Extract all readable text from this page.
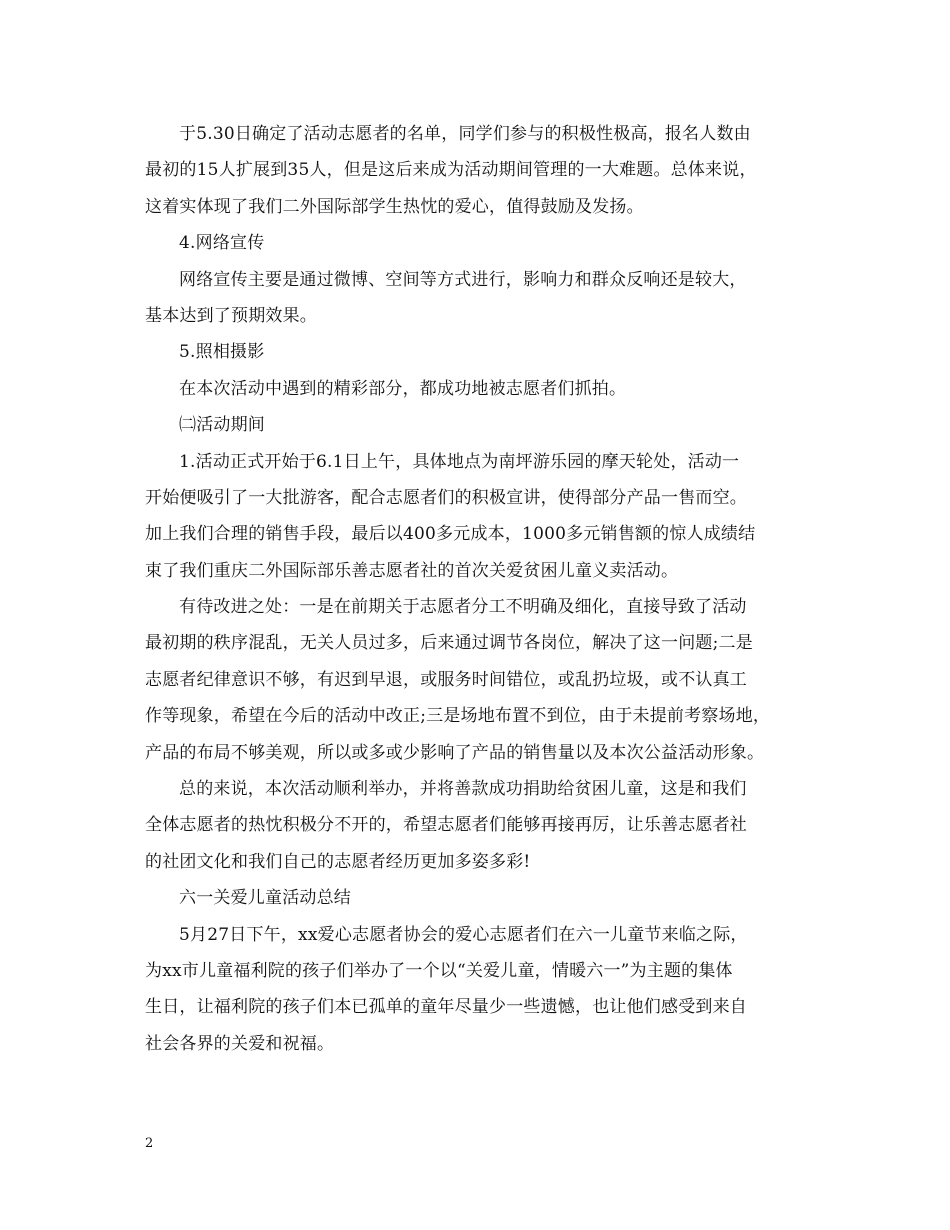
于5.30日确定了活动志愿者的名单，同学们参与的积极性极高，报名人数由
最初的15人扩展到35人，但是这后来成为活动期间管理的一大难题。总体来说，
这着实体现了我们二外国际部学生热忱的爱心，值得鼓励及发扬。
4.网络宣传
网络宣传主要是通过微博、空间等方式进行，影响力和群众反响还是较大，
基本达到了预期效果。
5.照相摄影
在本次活动中遇到的精彩部分，都成功地被志愿者们抓拍。
㈡活动期间
1.活动正式开始于6.1日上午，具体地点为南坪游乐园的摩天轮处，活动一
开始便吸引了一大批游客，配合志愿者们的积极宣讲，使得部分产品一售而空。
加上我们合理的销售手段，最后以400多元成本，1000多元销售额的惊人成绩结
束了我们重庆二外国际部乐善志愿者社的首次关爱贫困儿童义卖活动。
有待改进之处：一是在前期关于志愿者分工不明确及细化，直接导致了活动
最初期的秩序混乱，无关人员过多，后来通过调节各岗位，解决了这一问题;二是
志愿者纪律意识不够，有迟到早退，或服务时间错位，或乱扔垃圾，或不认真工
作等现象，希望在今后的活动中改正;三是场地布置不到位，由于未提前考察场地，
产品的布局不够美观，所以或多或少影响了产品的销售量以及本次公益活动形象。
总的来说，本次活动顺利举办，并将善款成功捐助给贫困儿童，这是和我们
全体志愿者的热忱积极分不开的，希望志愿者们能够再接再厉，让乐善志愿者社
的社团文化和我们自己的志愿者经历更加多姿多彩!
六一关爱儿童活动总结
5月27日下午，xx爱心志愿者协会的爱心志愿者们在六一儿童节来临之际，
为xx市儿童福利院的孩子们举办了一个以“关爱儿童，情暖六一”为主题的集体
生日，让福利院的孩子们本已孤单的童年尽量少一些遗憾，也让他们感受到来自
社会各界的关爱和祝福。
2
